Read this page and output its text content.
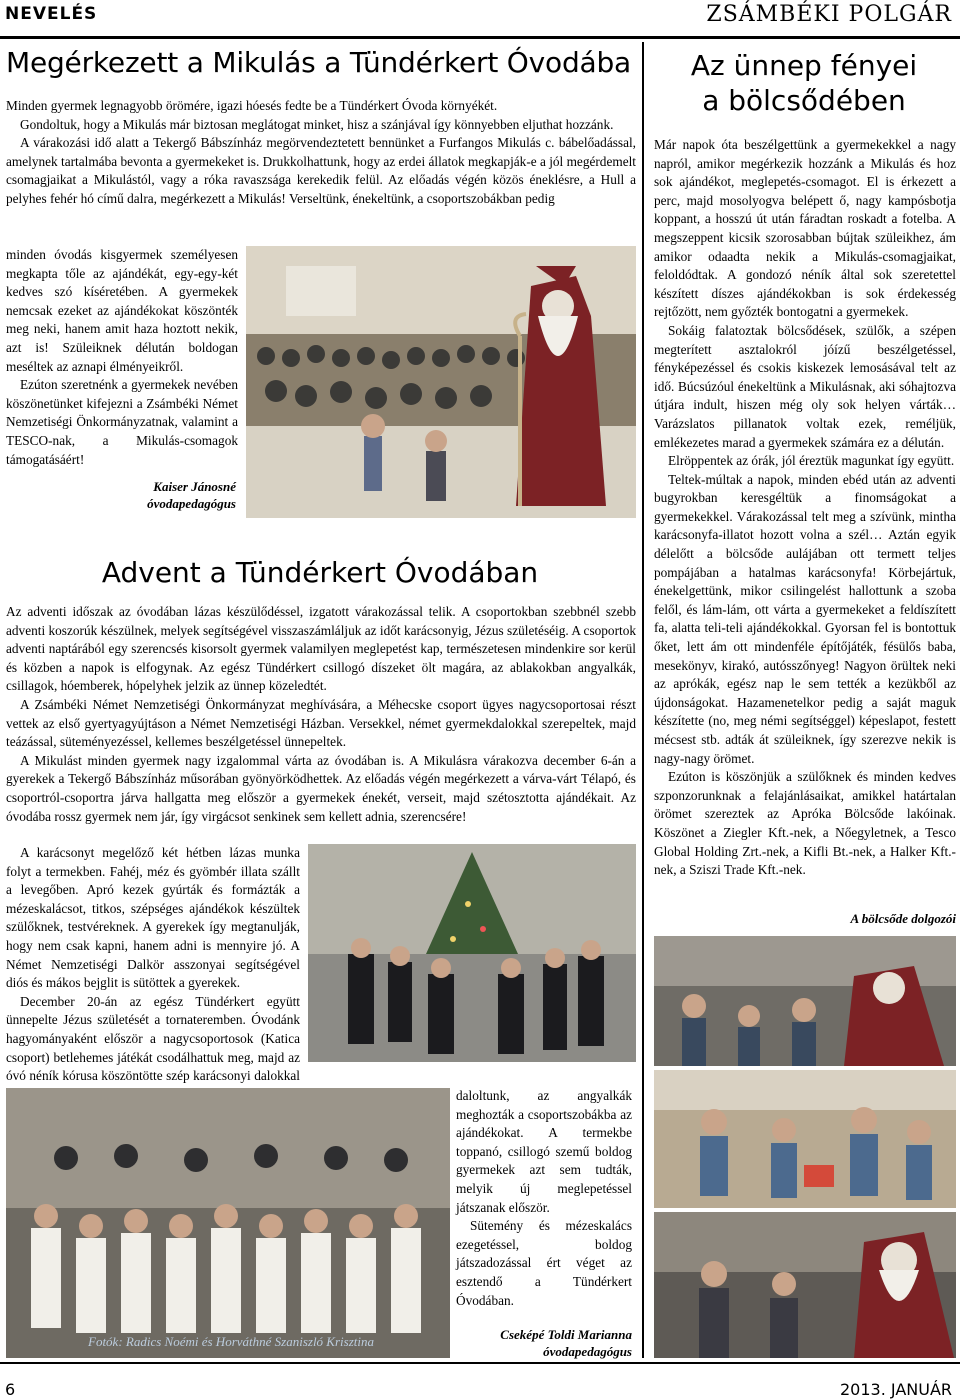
NEVELÉS	ZSÁMBÉKI POLGÁR
Megérkezett a Mikulás a Tündérkert Óvodába

Minden gyermek legnagyobb örömére, igazi hóesés fedte be a Tündérkert Óvoda környékét.

Gondoltuk, hogy a Mikulás már biztosan meglátogat minket, hisz a szánjával így könnyebben eljuthat hozzánk.

A várakozási idő alatt a Tekergő Bábszínház megörvendeztetett bennünket a Furfangos Mikulás c. bábelőadással, amelynek tartalmába bevonta a gyermekeket is. Drukkolhattunk, hogy az erdei állatok megkapják-e a jól megérdemelt csomagjaikat a Mikulástól, vagy a róka ravaszsága kerekedik felül. Az előadás végén közös éneklésre, a Hull a pelyhes fehér hó című dalra, megérkezett a Mikulás! Verseltünk, énekeltünk, a csoportszobákban pedig

minden óvodás kisgyermek személyesen megkapta tőle az ajándékát, egy-egy-két kedves szó kíséretében. A gyermekek nemcsak ezeket az ajándékokat köszönték meg neki, hanem amit haza hoztott nekik, azt is! Szüleiknek délután boldogan meséltek az aznapi élményeikről.

Ezúton szeretnénk a gyermekek nevében köszönetünket kifejezni a Zsámbéki Német Nemzetiségi Önkormányzatnak, valamint a TESCO-nak, a Mikulás-csomagok támogatásáért!

Kaiser Jánosné
óvodapedagógus
Advent a Tündérkert Óvodában

Az adventi időszak az óvodában lázas készülődéssel, izgatott várakozással telik. A csoportokban szebbnél szebb adventi koszorúk készülnek, melyek segítségével visszaszámláljuk az időt karácsonyig, Jézus születéséig. A csoportok adventi naptárából egy szerencsés kisorsolt gyermek valamilyen meglepetést kap, természetesen mindenkire sor kerül és közben a napok is elfogynak. Az egész Tündérkert csillogó díszeket ölt magára, az ablakokban angyalkák, csillagok, hóemberek, hópelyhek jelzik az ünnep közeledtét.

A Zsámbéki Német Nemzetiségi Önkormányzat meghívására, a Méhecske csoport ügyes nagycsoportosai részt vettek az első gyertyagyújtáson a Német Nemzetiségi Házban. Versekkel, német gyermekdalokkal szerepeltek, majd teázással, süteményezéssel, kellemes beszélgetéssel ünnepeltek.

A Mikulást minden gyermek nagy izgalommal várta az óvodában is. A Mikulásra várakozva december 6-án a gyerekek a Tekergő Bábszínház műsorában gyönyörködhettek. Az előadás végén megérkezett a várva-várt Télapó, és csoportról-csoportra járva hallgatta meg először a gyermekek énekét, verseit, majd szétosztotta ajándékait. Az óvodába rossz gyermek nem jár, így virgácsot senkinek sem kellett adnia, szerencsére!

A karácsonyt megelőző két hétben lázas munka folyt a termekben. Fahéj, méz és gyömbér illata szállt a levegőben. Apró kezek gyúrták és formázták a mézeskalácsot, titkos, szépséges ajándékok készültek szülőknek, testvéreknek. A gyerekek így megtanulják, hogy nem csak kapni, hanem adni is mennyire jó. A Német Nemzetiségi Dalkör asszonyai segítségével diós és mákos bejglit is sütöttek a gyerekek.

December 20-án az egész Tündérkert együtt ünnepelte Jézus születését a tornateremben. Óvodánk hagyományaként először a nagycsoportosok (Katica csoport) betlehemes játékát csodálhattuk meg, majd az óvó néník kórusa köszöntötte szép karácsonyi dalokkal

daloltunk, az angyalkák meghozták a csoportszobákba az ajándékokat. A termekbe toppanó, csillogó szemű boldog gyermekek azt sem tudták, melyik új meglepetéssel játszanak először.

Sütemény és mézeskalács ezegetéssel, boldog játszadozással ért véget az esztendő a Tündérkert Óvodában.

Cseképé Toldi Marianna
óvodapedagógus
Fotók: Radics Noémi és Horváthné Szaniszló Krisztina
Az ünnep fényei
a bölcsődében

Már napok óta beszélgettünk a gyermekekkel a nagy napról, amikor megérkezik hozzánk a Mikulás és hoz sok ajándékot, meglepetés-csomagot. El is érkezett a perc, majd mosolyogva belépett ő, nagy kampósbotja koppant, a hosszú út után fáradtan roskadt a fotelba. A megszeppent kicsik szorosabban bújtak szüleikhez, ám amikor odaadta nekik a Mikulás-csomagjaikat, feloldódtak. A gondozó néník által sok szeretettel készített díszes ajándékokban is sok érdekesség rejtőzött, nem győzték bontogatni a gyermekek.

Sokáig falatoztak bölcsődések, szülők, a szépen megterített asztalokról jóízű beszélgetéssel, fényképezéssel és csokis kiskezek lemosásával telt az idő. Búcsúzóul énekeltünk a Mikulásnak, aki sóhajtozva útjára indult, hiszen még oly sok helyen várták… Varázslatos pillanatok voltak ezek, reméljük, emlékezetes marad a gyermekek számára ez a délután.

Elröppentek az órák, jól éreztük magunkat így együtt.

Teltek-múltak a napok, minden ebéd után az adventi bugyrokban keresgéltük a finomságokat a gyermekekkel. Várakozással telt meg a szívünk, mintha karácsonyfa-illatot hozott volna a szél… Aztán egyik délelőtt a bölcsőde aulájában ott termett teljes pompájában a hatalmas karácsonyfa! Körbejártuk, énekelgettünk, mikor csilingelést hallottunk a szoba felől, és lám-lám, ott várta a gyermekeket a feldíszített fa, alatta teli-teli ajándékokkal. Gyorsan fel is bontottuk őket, lett ám ott mindenféle építőjáték, fésülős baba, mesekönyv, kirakó, autósszőnyeg! Nagyon örültek neki az aprókák, egész nap le sem tették a kezükből az újdonságokat. Hazamenetelkor pedig a saját maguk készítette (no, meg némi segítséggel) képeslapot, festett mécsest stb. adták át szüleiknek, így szerezve nekik is nagy-nagy örömet.

Ezúton is köszönjük a szülőknek és minden kedves szponzorunknak a felajánlásaikat, amikkel határtalan örömet szereztek az Apróka Bölcsőde lakóinak. Köszönet a Ziegler Kft.-nek, a Nőegyletnek, a Tesco Global Holding Zrt.-nek, a Kifli Bt.-nek, a Halker Kft.-nek, a Sziszi Trade Kft.-nek.

A bölcsőde dolgozói
6	2013. JANUÁR
